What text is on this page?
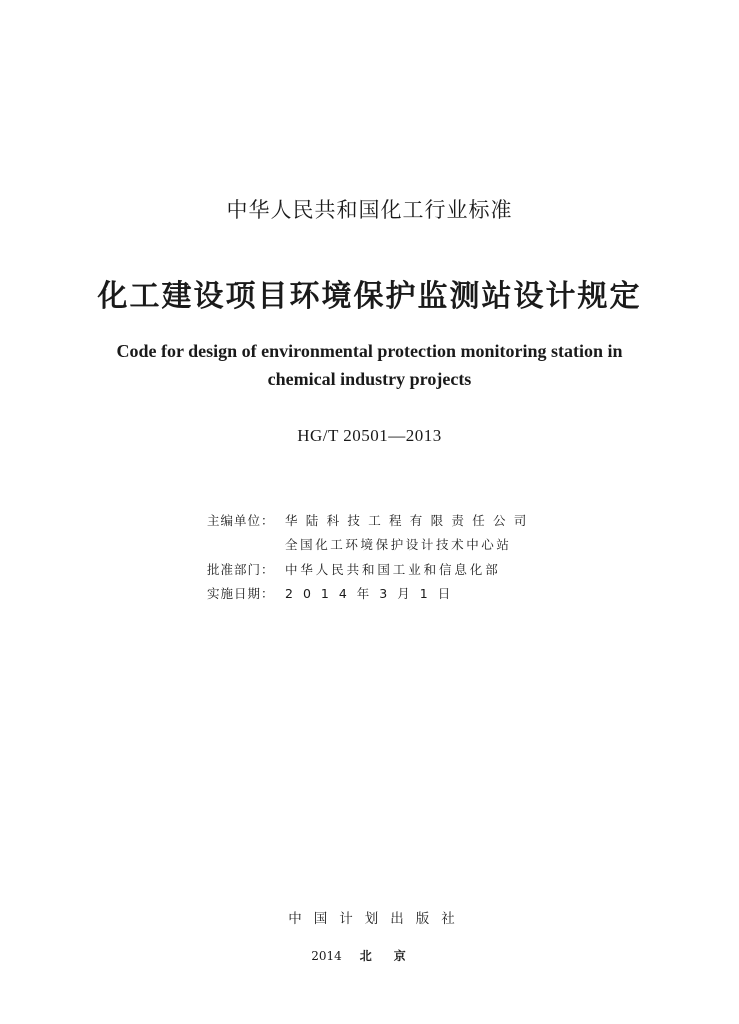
中华人民共和国化工行业标准
化工建设项目环境保护监测站设计规定
Code for design of environmental protection monitoring station in
chemical industry projects
HG/T 20501—2013
主编单位： 华陆科技工程有限责任公司
全国化工环境保护设计技术中心站
批准部门： 中华人民共和国工业和信息化部
实施日期： 2014年3月1日
中国计划出版社
2014 北京
